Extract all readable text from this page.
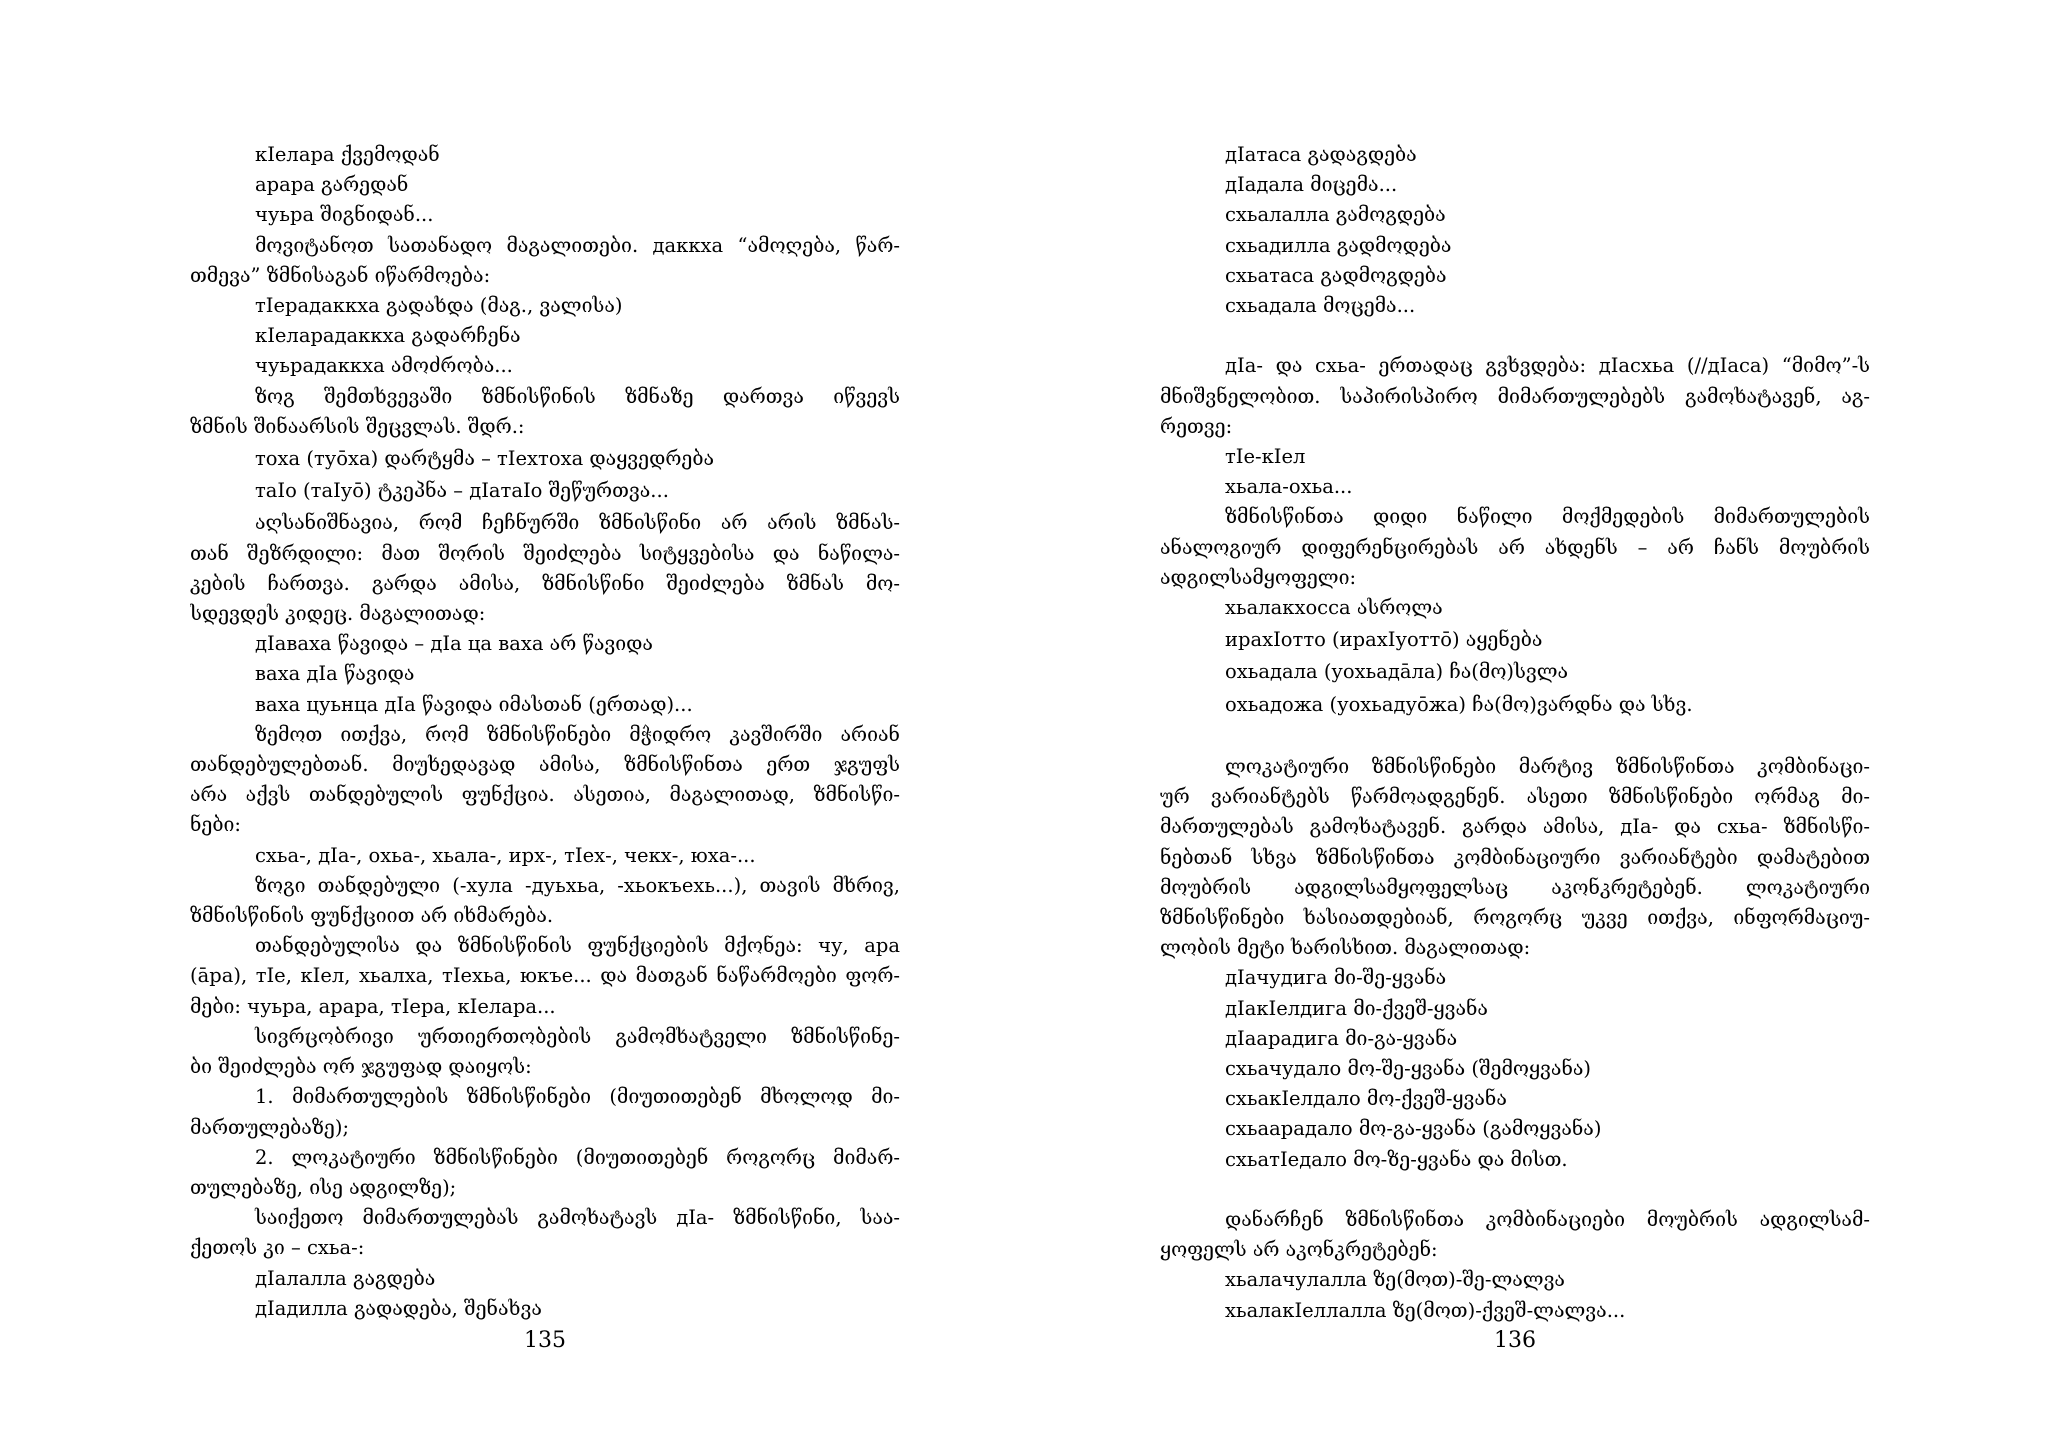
кIелара ქვემოდან
арара გარედან
чуьра შიგნიდან...
მოვიტანოთ სათანადო მაგალითები. даккха “ამოღება, წარ-
თმევა” ზმნისაგან იწარმოება:
тIерадаккха გადახდა (მაგ., ვალისა)
кIеларадаккха გადარჩენა
чуьрадаккха ამოძრობა...
ზოგ შემთხვევაში ზმნისწინის ზმნაზე დართვა იწვევს
ზმნის შინაარსის შეცვლას. შდრ.:
тоха (туōха) დარტყმა – тIехтоха დაყვედრება
таIо (таIуō) ტკეპნა – дIатаIо შეწურთვა...
აღსანიშნავია, რომ ჩეჩნურში ზმნისწინი არ არის ზმნას-
თან შეზრდილი: მათ შორის შეიძლება სიტყვებისა და ნაწილა-
კების ჩართვა. გარდა ამისა, ზმნისწინი შეიძლება ზმნას მო-
სდევდეს კიდეც. მაგალითად:
дIаваха წავიდა – дIа ца ваха არ წავიდა
ваха дIа წავიდა
ваха цуьнца дIа წავიდა იმასთან (ერთად)...
ზემოთ ითქვა, რომ ზმნისწინები მჭიდრო კავშირში არიან
თანდებულებთან. მიუხედავად ამისა, ზმნისწინთა ერთ ჯგუფს
არა აქვს თანდებულის ფუნქცია. ასეთია, მაგალითად, ზმნისწი-
ნები:
схьа-, дIа-, охьа-, хьала-, ирх-, тIех-, чекх-, юха-...
ზოგი თანდებული (-хула -дуьхьа, -хьокъехь...), თავის მხრივ,
ზმნისწინის ფუნქციით არ იხმარება.
თანდებულისა და ზმნისწინის ფუნქციების მქონეა: чу, ара
(āра), тIе, кIел, хьалха, тIехьа, юкъе... და მათგან ნაწარმოები ფორ-
მები: чуьра, арара, тIера, кIелара...
სივრცობრივი ურთიერთობების გამომხატველი ზმნისწინე-
ბი შეიძლება ორ ჯგუფად დაიყოს:
1. მიმართულების ზმნისწინები (მიუთითებენ მხოლოდ მი-
მართულებაზე);
2. ლოკატიური ზმნისწინები (მიუთითებენ როგორც მიმარ-
თულებაზე, ისე ადგილზე);
საიქეთო მიმართულებას გამოხატავს дIа- ზმნისწინი, საა-
ქეთოს კი – схьа-:
дIалалла გაგდება
дIадилла გადადება, შენახვა
135
дIатаса გადაგდება
дIадала მიცემა...
схьалалла გამოგდება
схьадилла გადმოდება
схьатаса გადმოგდება
схьадала მოცემა...
дIа- და схьа- ერთადაც გვხვდება: дIасхьа (//дIаса) “მიმო”-ს
მნიშვნელობით. საპირისპირო მიმართულებებს გამოხატავენ, აგ-
რეთვე:
тIе-кIел
хьала-охьа...
ზმნისწინთა დიდი ნაწილი მოქმედების მიმართულების
ანალოგიურ დიფერენცირებას არ ახდენს – არ ჩანს მოუბრის
ადგილსამყოფელი:
хьалакхосса ასროლა
ирахIотто (ирахIуоттō) აყენება
охьадала (уохьадāла) ჩა(მო)სვლა
охьадожа (уохьадуōжа) ჩა(მო)ვარდნა და სხვ.
ლოკატიური ზმნისწინები მარტივ ზმნისწინთა კომბინაცი-
ურ ვარიანტებს წარმოადგენენ. ასეთი ზმნისწინები ორმაგ მი-
მართულებას გამოხატავენ. გარდა ამისა, дIа- და схьа- ზმნისწი-
ნებთან სხვა ზმნისწინთა კომბინაციური ვარიანტები დამატებით
მოუბრის ადგილსამყოფელსაც აკონკრეტებენ. ლოკატიური
ზმნისწინები ხასიათდებიან, როგორც უკვე ითქვა, ინფორმაციუ-
ლობის მეტი ხარისხით. მაგალითად:
дIачудига მი-შე-ყვანა
дIакIелдига მი-ქვეშ-ყვანა
дIаарадига მი-გა-ყვანა
схьачудало მო-შე-ყვანა (შემოყვანა)
схьакIелдало მო-ქვეშ-ყვანა
схьаарадало მო-გა-ყვანა (გამოყვანა)
схьатIедало მო-ზე-ყვანა და მისთ.
დანარჩენ ზმნისწინთა კომბინაციები მოუბრის ადგილსამ-
ყოფელს არ აკონკრეტებენ:
хьалачулалла ზე(მოთ)-შე-ლალვა
хьалакIеллалла ზე(მოთ)-ქვეშ-ლალვა...
136
